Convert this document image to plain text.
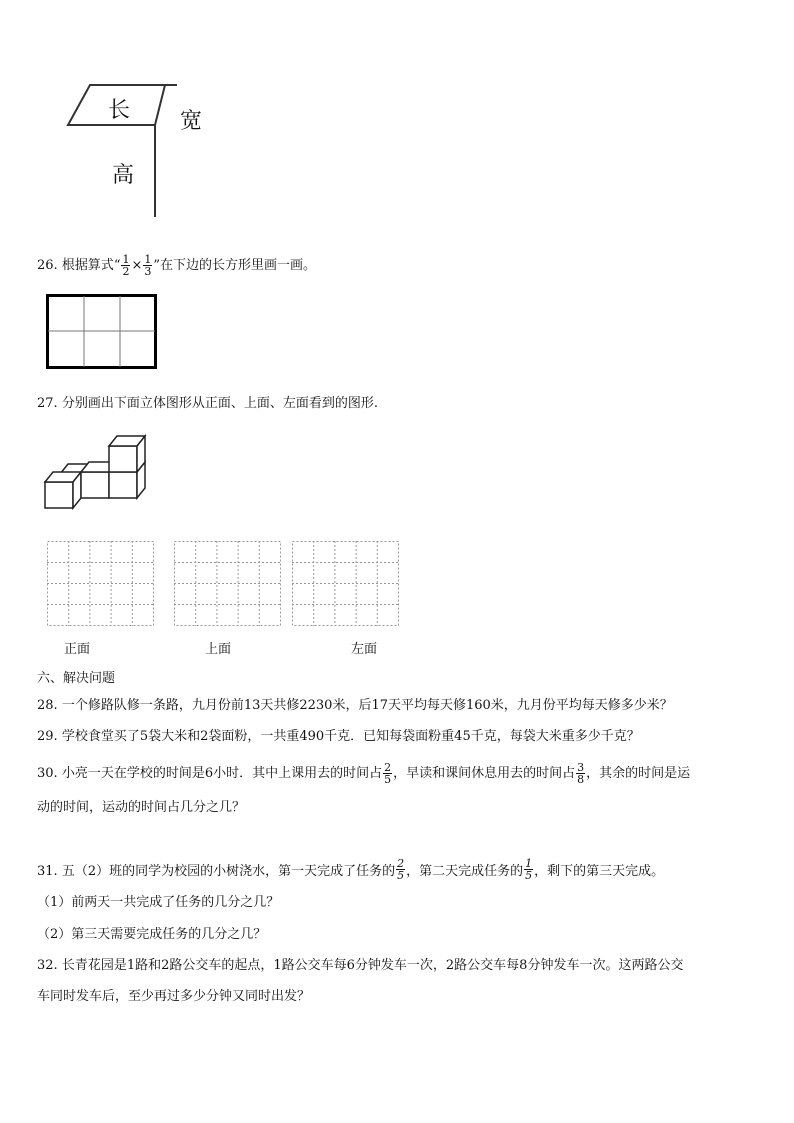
长 宽
高
26. 根据算式“ $\frac{1}{2} \times \frac{1}{3}$ ”在下边的长方形里画一画。
27. 分别画出下面立体图形从正面、上面、左面看到的图形.
正面	上面	左面
六、解决问题
28. 一个修路队修一条路，九月份前13天共修2230米，后17天平均每天修160米，九月份平均每天修多少米？
29. 学校食堂买了5袋大米和2袋面粉，一共重490千克．已知每袋面粉重45千克，每袋大米重多少千克？
30. 小亮一天在学校的时间是6小时．其中上课用去的时间占 $\frac{2}{5}$ ，早读和课间休息用去的时间占 $\frac{3}{8}$ ，其余的时间是运
动的时间，运动的时间占几分之几？
31. 五（2）班的同学为校园的小树浇水，第一天完成了任务的 $\frac{2}{5}$ ，第二天完成任务的 $\frac{1}{5}$ ，剩下的第三天完成。
（1）前两天一共完成了任务的几分之几？
（2）第三天需要完成任务的几分之几？
32. 长青花园是1路和2路公交车的起点，1路公交车每6分钟发车一次，2路公交车每8分钟发车一次。这两路公交
车同时发车后，至少再过多少分钟又同时出发？
